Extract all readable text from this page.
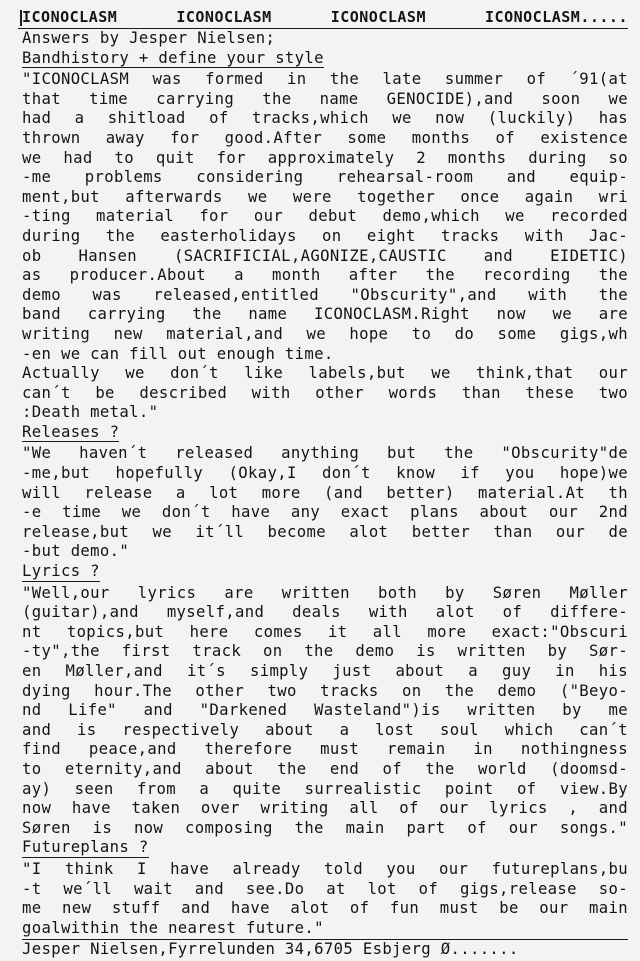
ICONOCLASM	ICONOCLASM	ICONOCLASM	ICONOCLASM.....
Answers by Jesper Nielsen;
Bandhistory + define your style
"ICONOCLASM was formed in the late summer of ´91(at
that time carrying the name GENOCIDE),and soon we
had a shitload of tracks,which we now (luckily) has
thrown away for good.After some months of existence
we had to quit for approximately 2 months during so
-me problems considering rehearsal-room and equip-
ment,but afterwards we were together once again wri
-ting material for our debut demo,which we recorded
during the easterholidays on eight tracks with Jac-
ob Hansen (SACRIFICIAL,AGONIZE,CAUSTIC and EIDETIC)
as producer.About a month after the recording the
demo was released,entitled "Obscurity",and with the
band carrying the name ICONOCLASM.Right now we are
writing new material,and we hope to do some gigs,wh
-en we can fill out enough time.
Actually we don´t like labels,but we think,that our
can´t be described with other words than these two
:Death metal."
Releases ?
"We haven´t released anything but the "Obscurity"de
-me,but hopefully (Okay,I don´t know if you hope)we
will release a lot more (and better) material.At th
-e time we don´t have any exact plans about our 2nd
release,but we it´ll become alot better than our de
-but demo."
Lyrics ?
"Well,our lyrics are written both by Søren Møller
(guitar),and myself,and deals with alot of differe-
nt topics,but here comes it all more exact:"Obscuri
-ty",the first track on the demo is written by Sør-
en Møller,and it´s simply just about a guy in his
dying hour.The other two tracks on the demo ("Beyo-
nd Life" and "Darkened Wasteland")is written by me
and is respectively about a lost soul which can´t
find peace,and therefore must remain in nothingness
to eternity,and about the end of the world (doomsd-
ay) seen from a quite surrealistic point of view.By
now have taken over writing all of our lyrics , and
Søren is now composing the main part of our songs."
Futureplans ?
"I think I have already told you our futureplans,bu
-t we´ll wait and see.Do at lot of gigs,release so-
me new stuff and have alot of fun must be our main
goalwithin the nearest future."
Jesper Nielsen,Fyrrelunden 34,6705 Esbjerg Ø.......
